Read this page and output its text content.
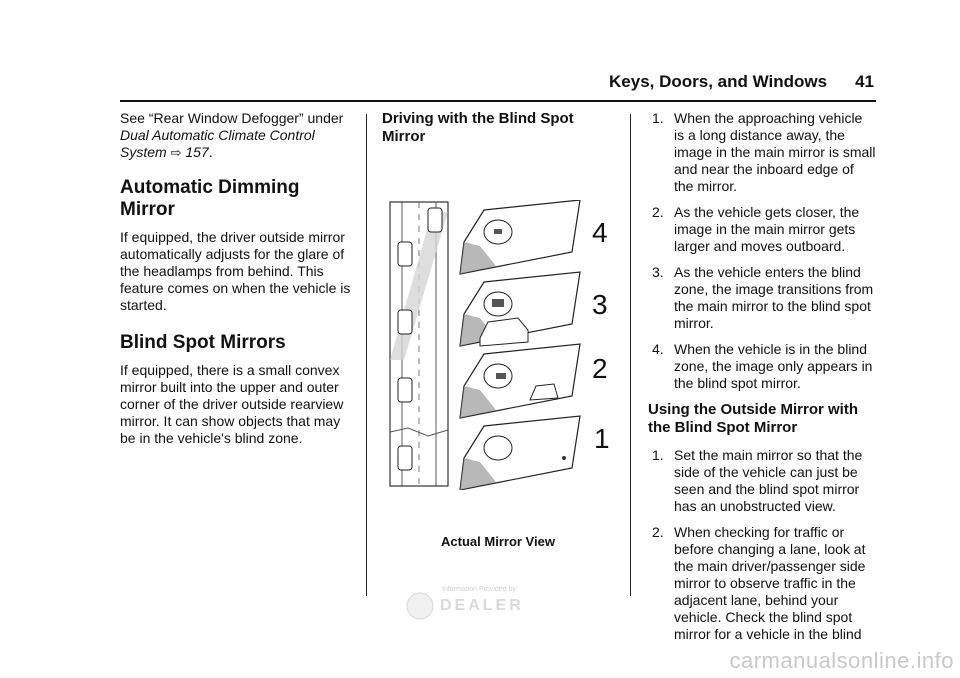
Keys, Doors, and Windows 41

See “Rear Window Defogger” under
Dual Automatic Climate Control
System ⇨ 157.

Automatic Dimming
Mirror

If equipped, the driver outside mirror automatically adjusts for the glare of the headlamps from behind. This feature comes on when the vehicle is started.

Blind Spot Mirrors

If equipped, there is a small convex mirror built into the upper and outer corner of the driver outside rearview mirror. It can show objects that may be in the vehicle's blind zone.

Driving with the Blind Spot
Mirror
4
3
2
1
Actual Mirror View
1. When the approaching vehicle is a long distance away, the image in the main mirror is small and near the inboard edge of the mirror.
2. As the vehicle gets closer, the image in the main mirror gets larger and moves outboard.
3. As the vehicle enters the blind zone, the image transitions from the main mirror to the blind spot mirror.
4. When the vehicle is in the blind zone, the image only appears in the blind spot mirror.
Using the Outside Mirror with
the Blind Spot Mirror
1. Set the main mirror so that the side of the vehicle can just be seen and the blind spot mirror has an unobstructed view.
2. When checking for traffic or before changing a lane, look at the main driver/passenger side mirror to observe traffic in the adjacent lane, behind your vehicle. Check the blind spot mirror for a vehicle in the blind
Information Provided by:
DEALER
carmanualsonline.info
